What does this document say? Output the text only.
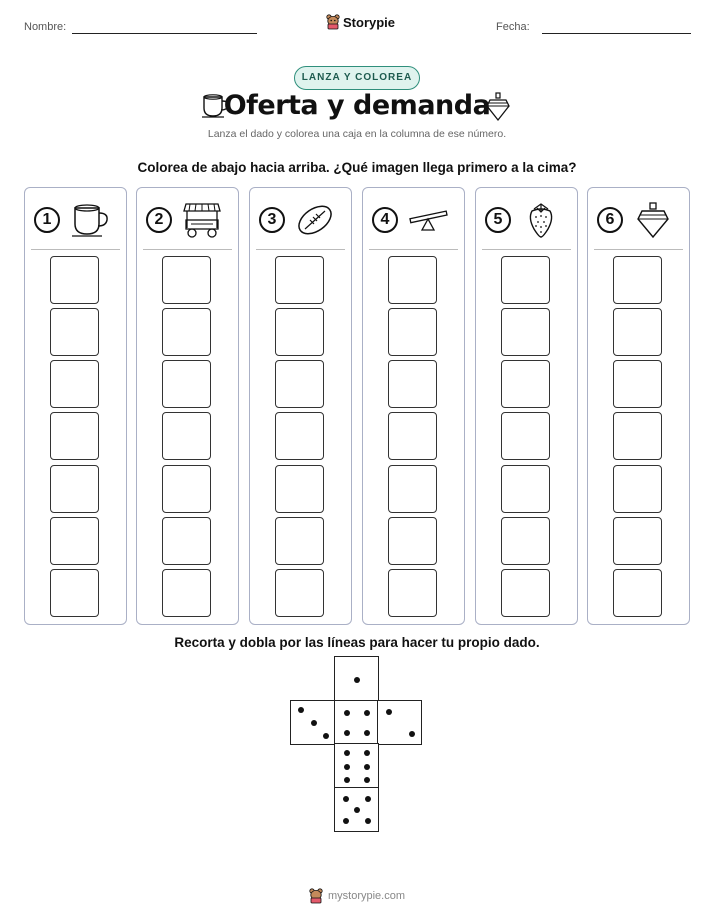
Nombre:	Storypie	Fecha:
LANZA Y COLOREA
Oferta y demanda
Lanza el dado y colorea una caja en la columna de ese número.
Colorea de abajo hacia arriba. ¿Qué imagen llega primero a la cima?
1	2	3	4	5	6
Recorta y dobla por las líneas para hacer tu propio dado.
mystorypie.com
